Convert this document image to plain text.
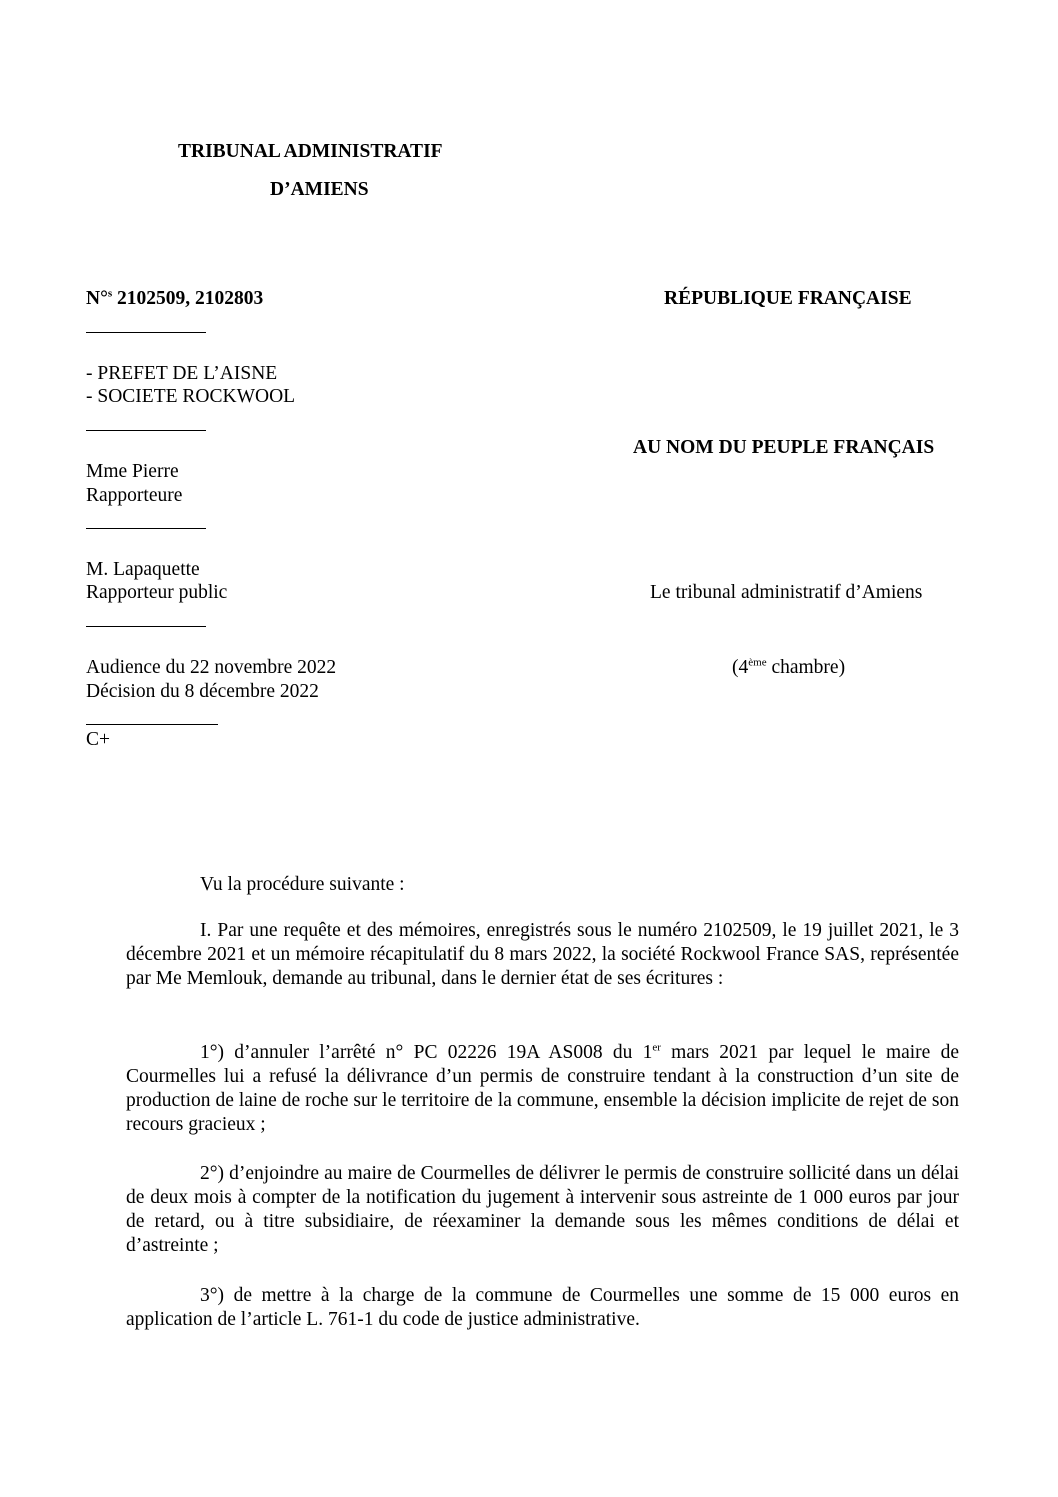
TRIBUNAL ADMINISTRATIF
D’AMIENS
N°$^s$ 2102509, 2102803	RÉPUBLIQUE FRANÇAISE
- PREFET DE L’AISNE
- SOCIETE ROCKWOOL
AU NOM DU PEUPLE FRANÇAIS
Mme Pierre
Rapporteure
M. Lapaquette
Rapporteur public	Le tribunal administratif d’Amiens
Audience du 22 novembre 2022	(4ème chambre)
Décision du 8 décembre 2022
C+
Vu la procédure suivante :

I. Par une requête et des mémoires, enregistrés sous le numéro 2102509, le 19 juillet 2021, le 3 décembre 2021 et un mémoire récapitulatif du 8 mars 2022, la société Rockwool France SAS, représentée par Me Memlouk, demande au tribunal, dans le dernier état de ses écritures :

1°) d’annuler l’arrêté n° PC 02226 19A AS008 du 1er mars 2021 par lequel le maire de Courmelles lui a refusé la délivrance d’un permis de construire tendant à la construction d’un site de production de laine de roche sur le territoire de la commune, ensemble la décision implicite de rejet de son recours gracieux ;

2°) d’enjoindre au maire de Courmelles de délivrer le permis de construire sollicité dans un délai de deux mois à compter de la notification du jugement à intervenir sous astreinte de 1 000 euros par jour de retard, ou à titre subsidiaire, de réexaminer la demande sous les mêmes conditions de délai et d’astreinte ;

3°) de mettre à la charge de la commune de Courmelles une somme de 15 000 euros en application de l’article L. 761-1 du code de justice administrative.
